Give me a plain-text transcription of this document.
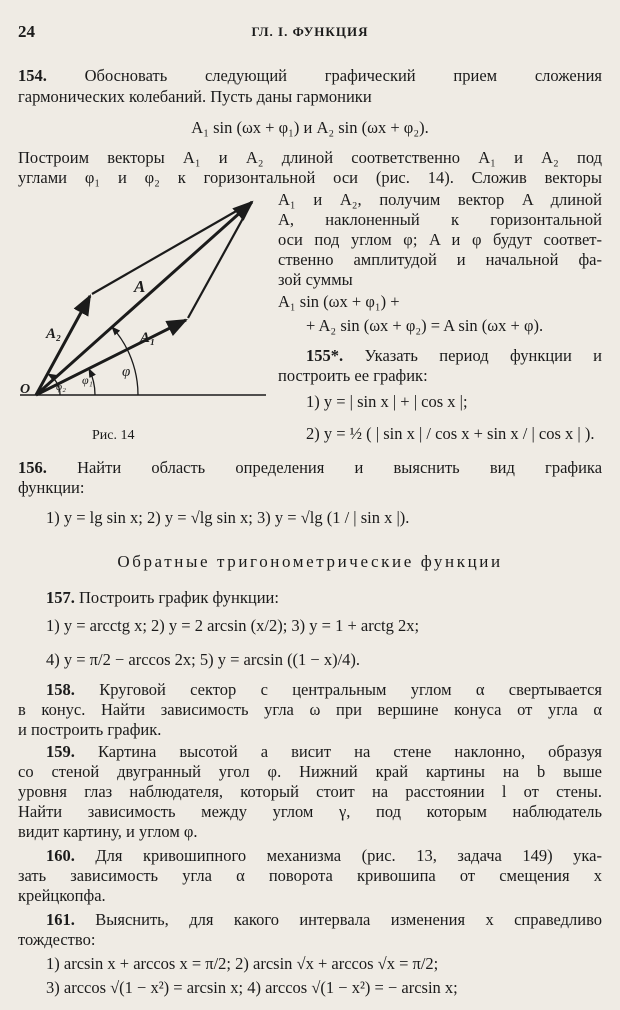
24	ГЛ. I. ФУНКЦИЯ
154. Обосновать следующий графический прием сложения
гармонических колебаний. Пусть даны гармоники
A₁ sin (ωx + φ₁) и A₂ sin (ωx + φ₂).
Построим векторы A₁ и A₂ длиной соответственно A₁ и A₂ под
углами φ₁ и φ₂ к горизонтальной оси (рис. 14). Сложив векторы
A₁ и A₂, получим вектор A длиной
A, наклоненный к горизонтальной
оси под углом φ; A и φ будут соответ-
ственно амплитудой и начальной фа-
зой суммы
A₁ sin (ωx + φ₁) +
+ A₂ sin (ωx + φ₂) = A sin (ωx + φ).
A
A₂	A₁
φ
φ₁
φ₂
O
Рис. 14
155*. Указать период функции и
построить ее график:
1) y = | sin x | + | cos x |;
2) y = ½ ( | sin x | / cos x + sin x / | cos x | ).
156. Найти область определения и выяснить вид графика
функции:
1) y = lg sin x; 2) y = √lg sin x; 3) y = √lg (1 / | sin x |).
Обратные тригонометрические функции
157. Построить график функции:
1) y = arcctg x; 2) y = 2 arcsin (x/2); 3) y = 1 + arctg 2x;
4) y = π/2 − arccos 2x; 5) y = arcsin ((1 − x)/4).
158. Круговой сектор с центральным углом α свертывается
в конус. Найти зависимость угла ω при вершине конуса от угла α
и построить график.
159. Картина высотой a висит на стене наклонно, образуя
со стеной двугранный угол φ. Нижний край картины на b выше
уровня глаз наблюдателя, который стоит на расстоянии l от стены.
Найти зависимость между углом γ, под которым наблюдатель
видит картину, и углом φ.
160. Для кривошипного механизма (рис. 13, задача 149) ука-
зать зависимость угла α поворота кривошипа от смещения x
крейцкопфа.
161. Выяснить, для какого интервала изменения x справедливо
тождество:
1) arcsin x + arccos x = π/2; 2) arcsin √x + arccos √x = π/2;
3) arccos √(1 − x²) = arcsin x; 4) arccos √(1 − x²) = − arcsin x;
